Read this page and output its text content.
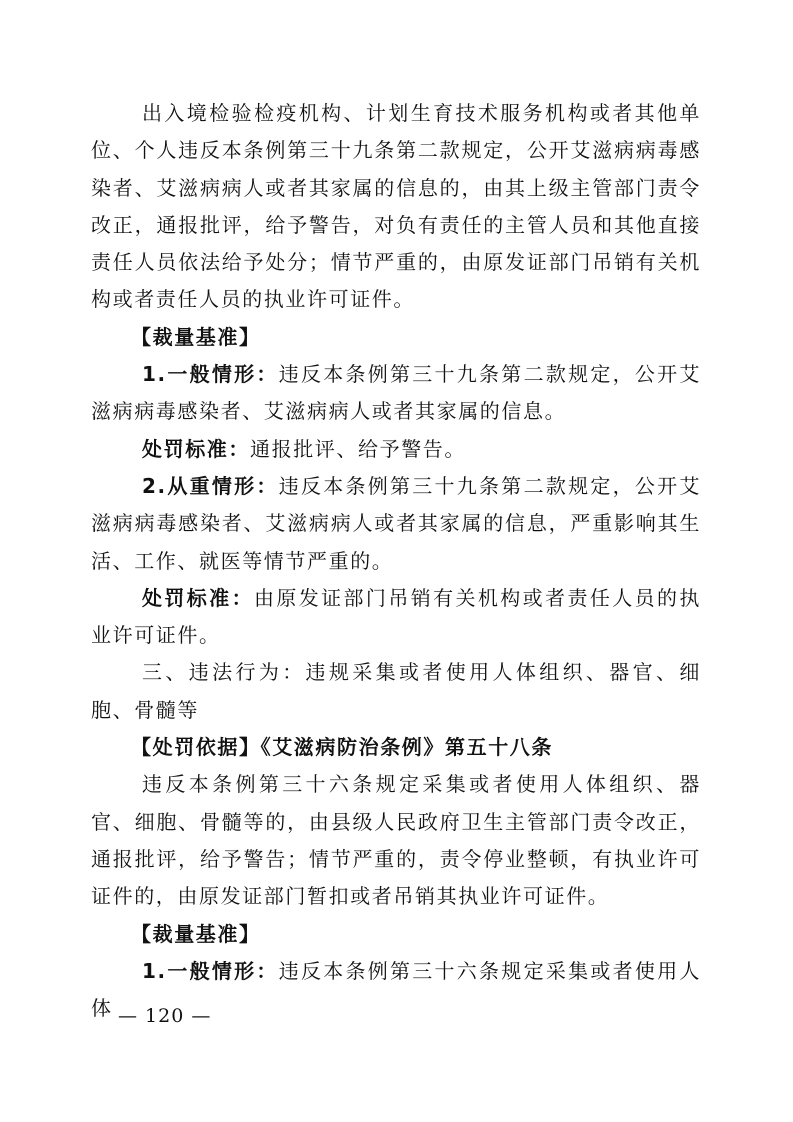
出入境检验检疫机构、计划生育技术服务机构或者其他单位、个人违反本条例第三十九条第二款规定，公开艾滋病病毒感染者、艾滋病病人或者其家属的信息的，由其上级主管部门责令改正，通报批评，给予警告，对负有责任的主管人员和其他直接责任人员依法给予处分；情节严重的，由原发证部门吊销有关机构或者责任人员的执业许可证件。

【裁量基准】

1.一般情形：违反本条例第三十九条第二款规定，公开艾滋病病毒感染者、艾滋病病人或者其家属的信息。

处罚标准：通报批评、给予警告。

2.从重情形：违反本条例第三十九条第二款规定，公开艾滋病病毒感染者、艾滋病病人或者其家属的信息，严重影响其生活、工作、就医等情节严重的。

处罚标准：由原发证部门吊销有关机构或者责任人员的执业许可证件。

三、违法行为：违规采集或者使用人体组织、器官、细胞、骨髓等

【处罚依据】《艾滋病防治条例》第五十八条

违反本条例第三十六条规定采集或者使用人体组织、器官、细胞、骨髓等的，由县级人民政府卫生主管部门责令改正，通报批评，给予警告；情节严重的，责令停业整顿，有执业许可证件的，由原发证部门暂扣或者吊销其执业许可证件。

【裁量基准】

1.一般情形：违反本条例第三十六条规定采集或者使用人体 — 120 —
